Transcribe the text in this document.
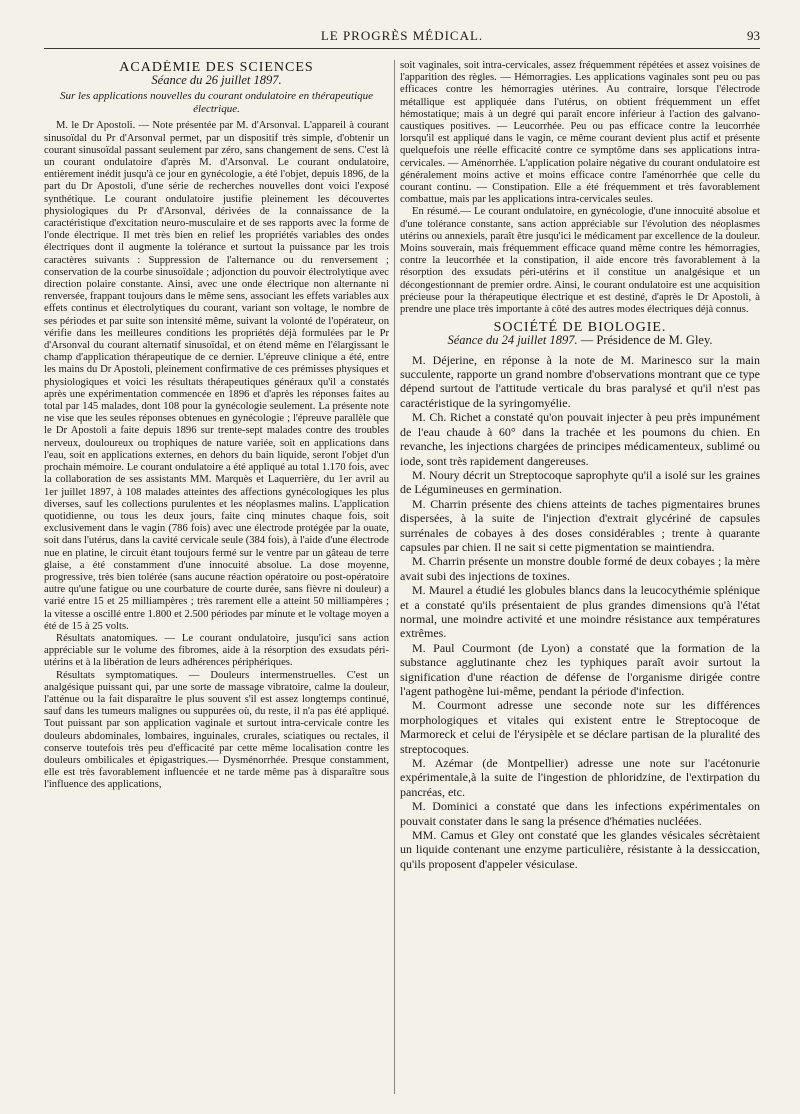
LE PROGRÈS MÉDICAL.	93
ACADÉMIE DES SCIENCES
Séance du 26 juillet 1897.
Sur les applications nouvelles du courant ondulatoire en thérapeutique électrique.

M. le Dr Apostoli. — Note présentée par M. d'Arsonval. L'appareil à courant sinusoïdal du Pr d'Arsonval permet, par un dispositif très simple, d'obtenir un courant sinusoïdal passant seulement par zéro, sans changement de sens. C'est là un courant ondulatoire d'après M. d'Arsonval. Le courant ondulatoire, entièrement inédit jusqu'à ce jour en gynécologie, a été l'objet, depuis 1896, de la part du Dr Apostoli, d'une série de recherches nouvelles dont voici l'exposé synthétique. Le courant ondulatoire justifie pleinement les découvertes physiologiques du Pr d'Arsonval, dérivées de la connaissance de la caractéristique d'excitation neuro-musculaire et de ses rapports avec la forme de l'onde électrique. Il met très bien en relief les propriétés variables des ondes électriques dont il augmente la tolérance et surtout la puissance par les trois caractères suivants : Suppression de l'alternance ou du renversement ; conservation de la courbe sinusoïdale ; adjonction du pouvoir électrolytique avec direction polaire constante. Ainsi, avec une onde électrique non alternante ni renversée, frappant toujours dans le même sens, associant les effets variables aux effets continus et électrolytiques du courant, variant son voltage, le nombre de ses périodes et par suite son intensité même, suivant la volonté de l'opérateur, on vérifie dans les meilleures conditions les propriétés déjà formulées par le Pr d'Arsonval du courant alternatif sinusoïdal, et on étend même en l'élargissant le champ d'application thérapeutique de ce dernier. L'épreuve clinique a été, entre les mains du Dr Apostoli, pleinement confirmative de ces prémisses physiques et physiologiques et voici les résultats thérapeutiques généraux qu'il a constatés après une expérimentation commencée en 1896 et d'après les réponses faites au total par 145 malades, dont 108 pour la gynécologie seulement. La présente note ne vise que les seules réponses obtenues en gynécologie ; l'épreuve parallèle que le Dr Apostoli a faite depuis 1896 sur trente-sept malades contre des troubles nerveux, douloureux ou trophiques de nature variée, soit en applications dans l'eau, soit en applications externes, en dehors du bain liquide, seront l'objet d'un prochain mémoire. Le courant ondulatoire a été appliqué au total 1.170 fois, avec la collaboration de ses assistants MM. Marquès et Laquerrière, du 1er avril au 1er juillet 1897, à 108 malades atteintes des affections gynécologiques les plus diverses, sauf les collections purulentes et les néoplasmes malins. L'application quotidienne, ou tous les deux jours, faite cinq minutes chaque fois, soit exclusivement dans le vagin (786 fois) avec une électrode protégée par la ouate, soit dans l'utérus, dans la cavité cervicale seule (384 fois), à l'aide d'une électrode nue en platine, le circuit étant toujours fermé sur le ventre par un gâteau de terre glaise, a été constamment d'une innocuité absolue. La dose moyenne, progressive, très bien tolérée (sans aucune réaction opératoire ou post-opératoire autre qu'une fatigue ou une courbature de courte durée, sans fièvre ni douleur) a varié entre 15 et 25 milliampères ; très rarement elle a atteint 50 milliampères ; la vitesse a oscillé entre 1.800 et 2.500 périodes par minute et le voltage moyen a été de 15 à 25 volts.

Résultats anatomiques. — Le courant ondulatoire, jusqu'ici sans action appréciable sur le volume des fibromes, aide à la résorption des exsudats péri-utérins et à la libération de leurs adhérences périphériques.

Résultats symptomatiques. — Douleurs intermenstruelles. C'est un analgésique puissant qui, par une sorte de massage vibratoire, calme la douleur, l'atténue ou la fait disparaître le plus souvent s'il est assez longtemps continué, sauf dans les tumeurs malignes ou suppurées où, du reste, il n'a pas été appliqué. Tout puissant par son application vaginale et surtout intra-cervicale contre les douleurs abdominales, lombaires, inguinales, crurales, sciatiques ou rectales, il conserve toutefois très peu d'efficacité par cette même localisation contre les douleurs ombilicales et épigastriques.— Dysménorrhée. Presque constamment, elle est très favorablement influencée et ne tarde même pas à disparaître sous l'influence des applications,

soit vaginales, soit intra-cervicales, assez fréquemment répétées et assez voisines de l'apparition des règles. — Hémorragies. Les applications vaginales sont peu ou pas efficaces contre les hémorragies utérines. Au contraire, lorsque l'électrode métallique est appliquée dans l'utérus, on obtient fréquemment un effet hémostatique; mais à un degré qui paraît encore inférieur à l'action des galvano-caustiques positives. — Leucorrhée. Peu ou pas efficace contre la leucorrhée lorsqu'il est appliqué dans le vagin, ce même courant devient plus actif et présente quelquefois une réelle efficacité contre ce symptôme dans ses applications intra-cervicales. — Aménorrhée. L'application polaire négative du courant ondulatoire est généralement moins active et moins efficace contre l'aménorrhée que celle du courant continu. — Constipation. Elle a été fréquemment et très favorablement combattue, mais par les applications intra-cervicales seules.

En résumé.— Le courant ondulatoire, en gynécologie, d'une innocuité absolue et d'une tolérance constante, sans action appréciable sur l'évolution des néoplasmes utérins ou annexiels, paraît être jusqu'ici le médicament par excellence de la douleur. Moins souverain, mais fréquemment efficace quand même contre les hémorragies, contre la leucorrhée et la constipation, il aide encore très favorablement à la résorption des exsudats péri-utérins et il constitue un analgésique et un décongestionnant de premier ordre. Ainsi, le courant ondulatoire est une acquisition précieuse pour la thérapeutique électrique et est destiné, d'après le Dr Apostoli, à prendre une place très importante à côté des autres modes électriques déjà connus.

SOCIÉTÉ DE BIOLOGIE.
Séance du 24 juillet 1897. — Présidence de M. Gley.

M. Déjerine, en réponse à la note de M. Marinesco sur la main succulente, rapporte un grand nombre d'observations montrant que ce type dépend surtout de l'attitude verticale du bras paralysé et qu'il n'est pas caractéristique de la syringomyélie.

M. Ch. Richet a constaté qu'on pouvait injecter à peu près impunément de l'eau chaude à 60° dans la trachée et les poumons du chien. En revanche, les injections chargées de principes médicamenteux, sublimé ou iode, sont très rapidement dangereuses.

M. Noury décrit un Streptocoque saprophyte qu'il a isolé sur les graines de Légumineuses en germination.

M. Charrin présente des chiens atteints de taches pigmentaires brunes dispersées, à la suite de l'injection d'extrait glycériné de capsules surrénales de cobayes à des doses considérables ; trente à quarante capsules par chien. Il ne sait si cette pigmentation se maintiendra.

M. Charrin présente un monstre double formé de deux cobayes ; la mère avait subi des injections de toxines.

M. Maurel a étudié les globules blancs dans la leucocythémie splénique et a constaté qu'ils présentaient de plus grandes dimensions qu'à l'état normal, une moindre activité et une moindre résistance aux températures extrêmes.

M. Paul Courmont (de Lyon) a constaté que la formation de la substance agglutinante chez les typhiques paraît avoir surtout la signification d'une réaction de défense de l'organisme dirigée contre l'agent pathogène lui-même, pendant la période d'infection.

M. Courmont adresse une seconde note sur les différences morphologiques et vitales qui existent entre le Streptocoque de Marmoreck et celui de l'érysipèle et se déclare partisan de la pluralité des streptocoques.

M. Azémar (de Montpellier) adresse une note sur l'acétonurie expérimentale,à la suite de l'ingestion de phloridzine, de l'extirpation du pancréas, etc.

M. Dominici a constaté que dans les infections expérimentales on pouvait constater dans le sang la présence d'hématies nucléées.

MM. Camus et Gley ont constaté que les glandes vésicales sécrètaient un liquide contenant une enzyme particulière, résistante à la dessiccation, qu'ils proposent d'appeler vésiculase.
